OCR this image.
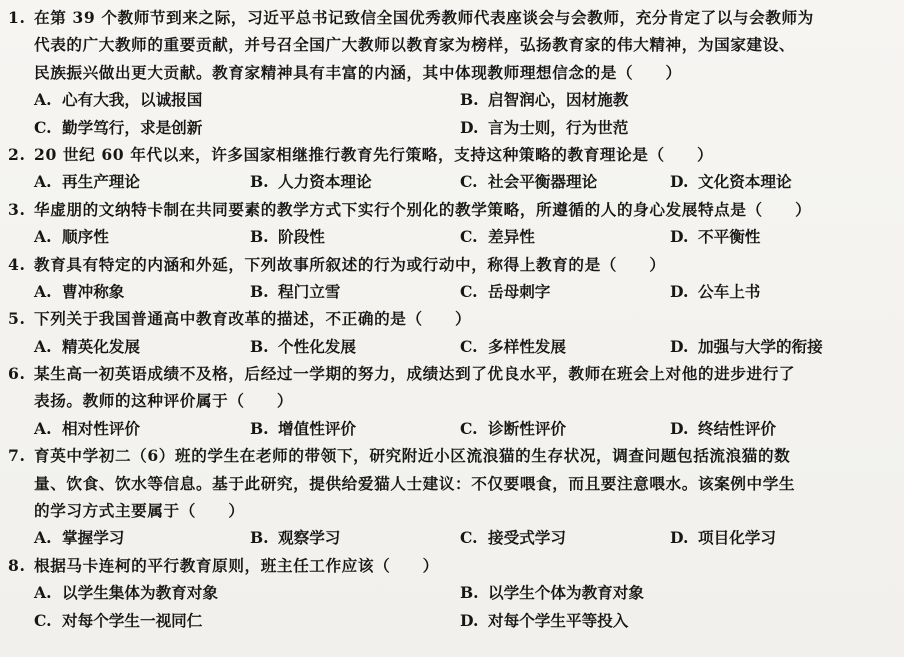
1. 在第 39 个教师节到来之际，习近平总书记致信全国优秀教师代表座谈会与会教师，充分肯定了以与会教师为
代表的广大教师的重要贡献，并号召全国广大教师以教育家为榜样，弘扬教育家的伟大精神，为国家建设、
民族振兴做出更大贡献。教育家精神具有丰富的内涵，其中体现教师理想信念的是（　　）
A. 心有大我，以诚报国	B. 启智润心，因材施教
C. 勤学笃行，求是创新	D. 言为士则，行为世范
2. 20 世纪 60 年代以来，许多国家相继推行教育先行策略，支持这种策略的教育理论是（　　）
A. 再生产理论	B. 人力资本理论	C. 社会平衡器理论	D. 文化资本理论
3. 华虚朋的文纳特卡制在共同要素的教学方式下实行个别化的教学策略，所遵循的人的身心发展特点是（　　）
A. 顺序性	B. 阶段性	C. 差异性	D. 不平衡性
4. 教育具有特定的内涵和外延，下列故事所叙述的行为或行动中，称得上教育的是（　　）
A. 曹冲称象	B. 程门立雪	C. 岳母刺字	D. 公车上书
5. 下列关于我国普通高中教育改革的描述，不正确的是（　　）
A. 精英化发展	B. 个性化发展	C. 多样性发展	D. 加强与大学的衔接
6. 某生高一初英语成绩不及格，后经过一学期的努力，成绩达到了优良水平，教师在班会上对他的进步进行了
表扬。教师的这种评价属于（　　）
A. 相对性评价	B. 增值性评价	C. 诊断性评价	D. 终结性评价
7. 育英中学初二（6）班的学生在老师的带领下，研究附近小区流浪猫的生存状况，调查问题包括流浪猫的数
量、饮食、饮水等信息。基于此研究，提供给爱猫人士建议：不仅要喂食，而且要注意喂水。该案例中学生
的学习方式主要属于（　　）
A. 掌握学习	B. 观察学习	C. 接受式学习	D. 项目化学习
8. 根据马卡连柯的平行教育原则，班主任工作应该（　　）
A. 以学生集体为教育对象	B. 以学生个体为教育对象
C. 对每个学生一视同仁	D. 对每个学生平等投入
